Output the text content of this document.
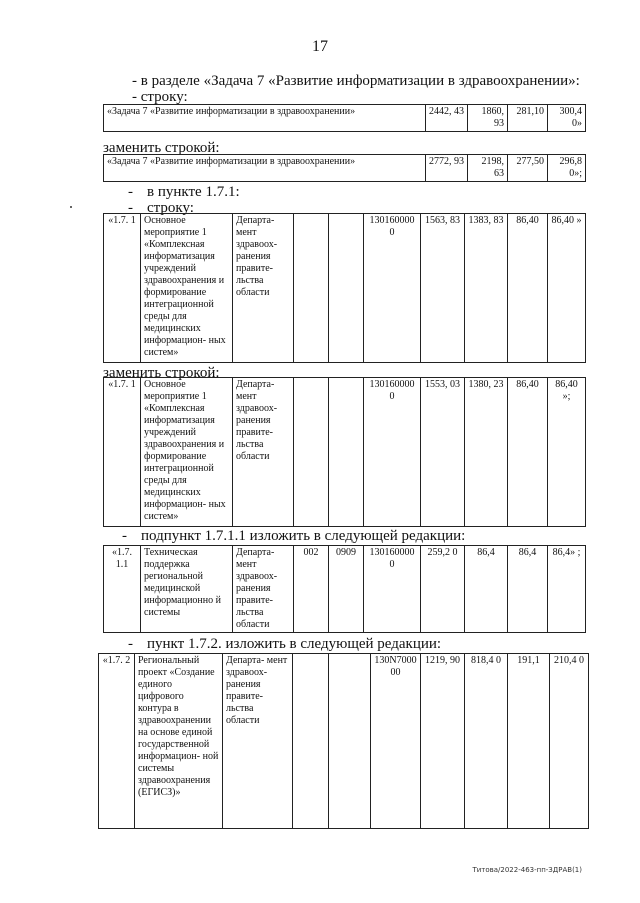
17
- в разделе «Задача 7 «Развитие информатизации в здравоохранении»:
- строку:
«Задача 7 «Развитие информатизации в здравоохранении»	2442, 43	1860, 93	281,10	300,4 0»
заменить строкой:
«Задача 7 «Развитие информатизации в здравоохранении»	2772, 93	2198, 63	277,50	296,8 0»;
- в пункте 1.7.1:
- строку:
«1.7. 1	Основное мероприятие 1 «Комплексная информатизация учреждений здравоохранения и формирование интеграционной среды для медицинских информацион- ных систем»	Департа- мент здравоох- ранения правите- льства области			130160000 0	1563, 83	1383, 83	86,40	86,40 »
заменить строкой:
«1.7. 1	Основное мероприятие 1 «Комплексная информатизация учреждений здравоохранения и формирование интеграционной среды для медицинских информацион- ных систем»	Департа- мент здравоох- ранения правите- льства области			130160000 0	1553, 03	1380, 23	86,40	86,40 »;
- подпункт 1.7.1.1 изложить в следующей редакции:
«1.7. 1.1	Техническая поддержка региональной медицинской информационно й системы	Департа- мент здравоох- ранения правите- льства области	002	0909	130160000 0	259,2 0	86,4	86,4	86,4» ;
- пункт 1.7.2. изложить в следующей редакции:
«1.7. 2	Региональный проект «Создание единого цифрового контура в здравоохранении на основе единой государственной информацион- ной системы здравоохранения (ЕГИСЗ)»	Департа- мент здравоох- ранения правите- льства области			130N7000 00	1219, 90	818,4 0	191,1	210,4 0
Титова/2022-463-пп-ЗДРАВ(1)
